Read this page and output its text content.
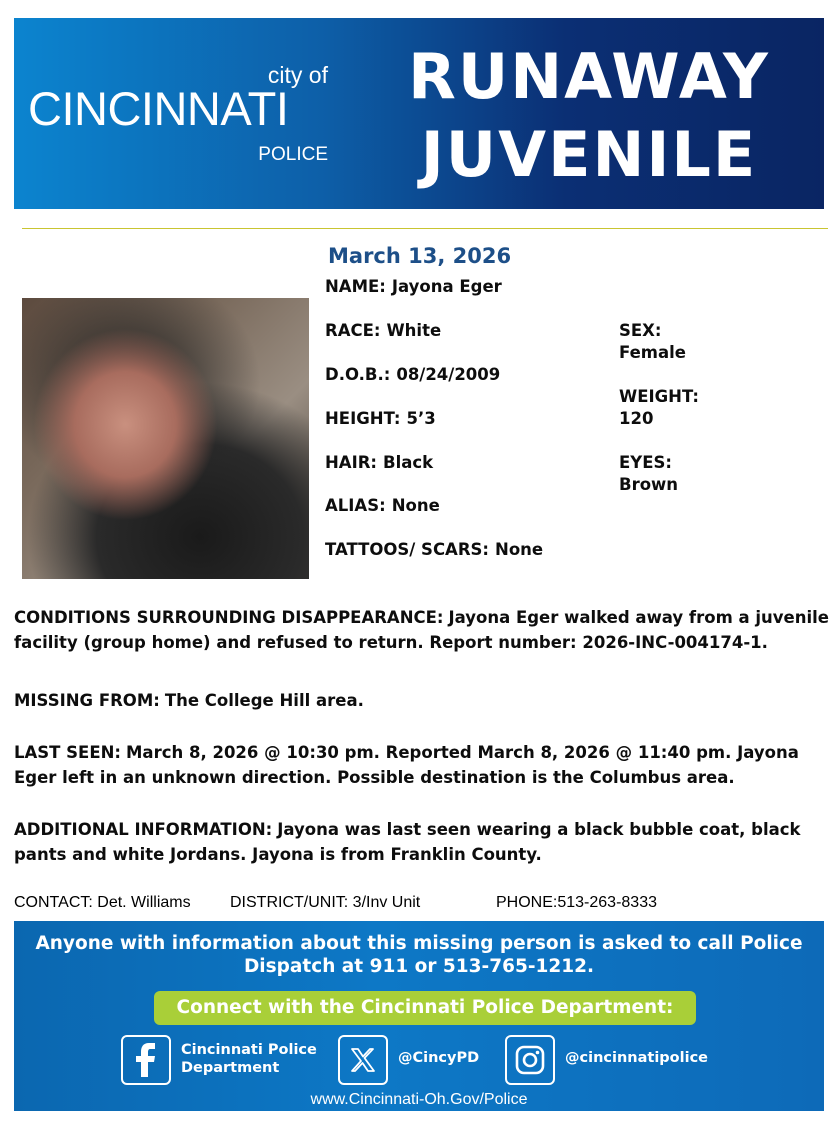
city of
CINCINNATI
POLICE
RUNAWAY
JUVENILE
March 13, 2026
NAME: Jayona Eger
RACE: White
D.O.B.: 08/24/2009
HEIGHT: 5’3
HAIR: Black
ALIAS: None
TATTOOS/ SCARS: None
SEX:
Female
WEIGHT:
120
EYES:
Brown
CONDITIONS SURROUNDING DISAPPEARANCE: Jayona Eger walked away from a juvenile facility (group home) and refused to return. Report number: 2026-INC-004174-1.
MISSING FROM: The College Hill area.
LAST SEEN: March 8, 2026 @ 10:30 pm. Reported March 8, 2026 @ 11:40 pm. Jayona Eger left in an unknown direction. Possible destination is the Columbus area.
ADDITIONAL INFORMATION: Jayona was last seen wearing a black bubble coat, black pants and white Jordans. Jayona is from Franklin County.
CONTACT: Det. Williams DISTRICT/UNIT: 3/Inv Unit	PHONE:513-263-8333
Anyone with information about this missing person is asked to call Police
Dispatch at 911 or 513-765-1212.
Connect with the Cincinnati Police Department:
Cincinnati Police
Department
@CincyPD	@cincinnatipolice
www.Cincinnati-Oh.Gov/Police
